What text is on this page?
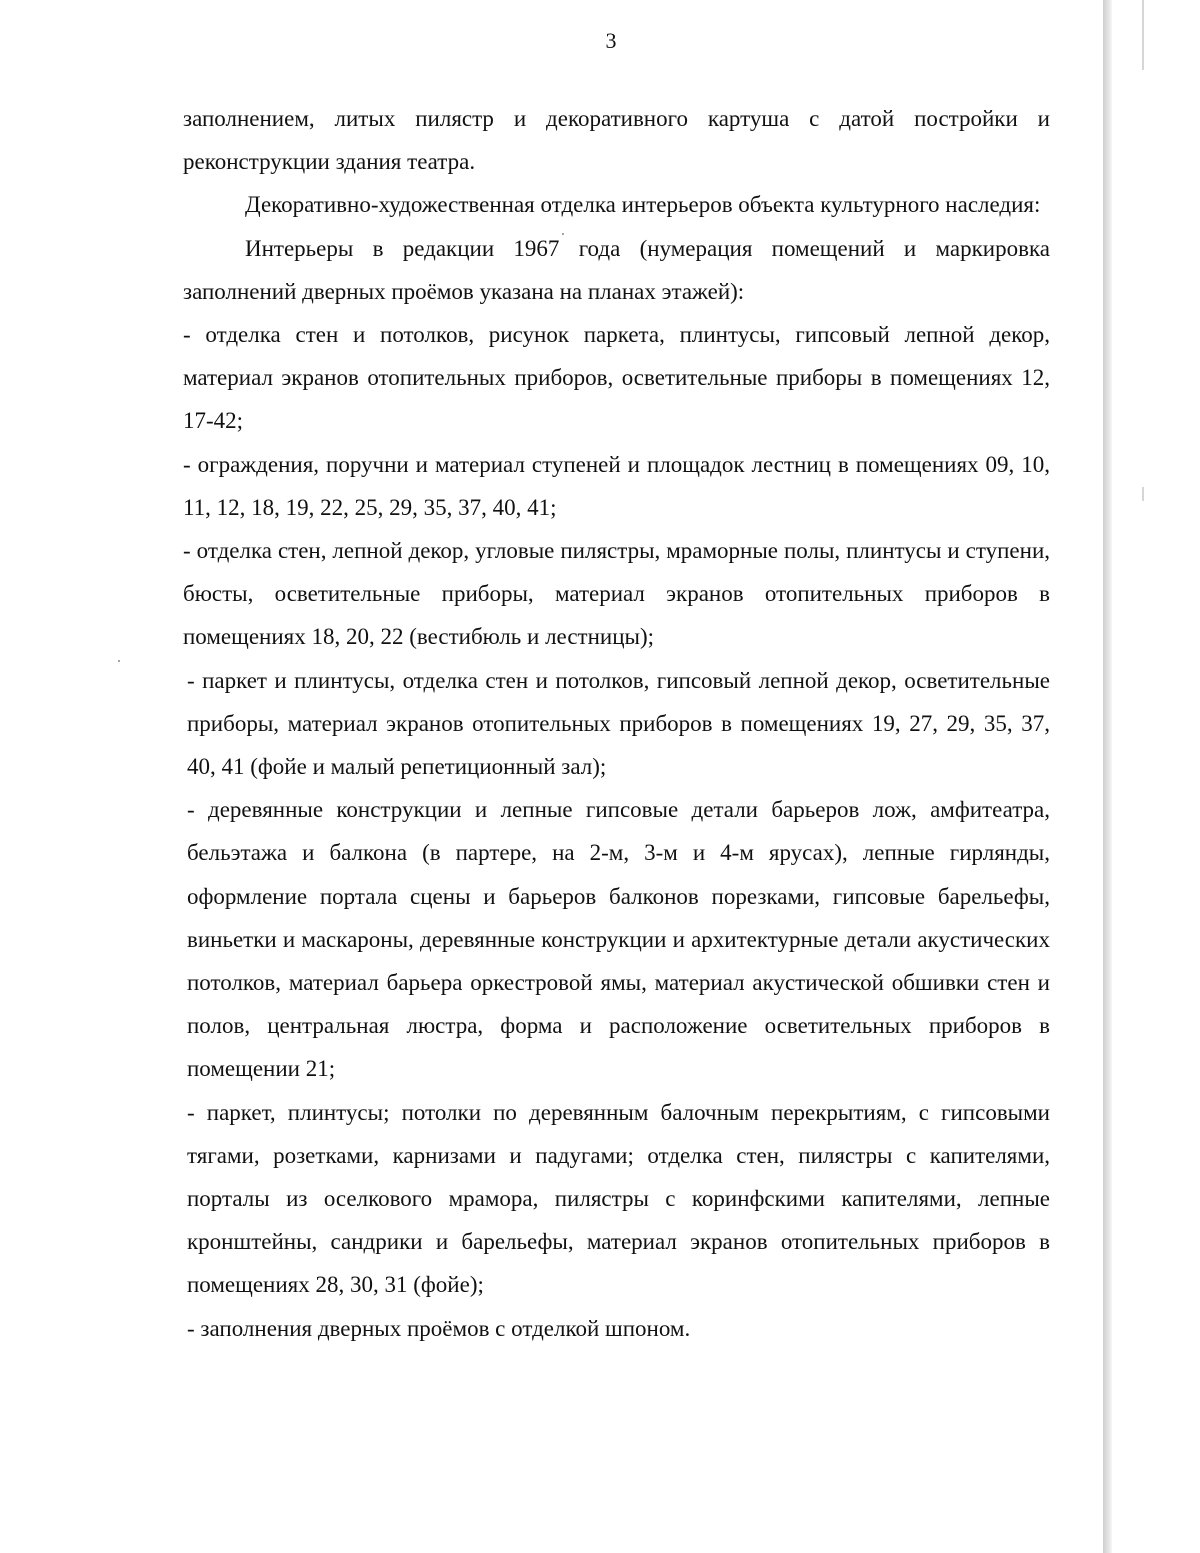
3

заполнением, литых пилястр и декоративного картуша с датой постройки и реконструкции здания театра.

Декоративно-художественная отделка интерьеров объекта культурного наследия:

Интерьеры в редакции 1967 года (нумерация помещений и маркировка заполнений дверных проёмов указана на планах этажей):

- отделка стен и потолков, рисунок паркета, плинтусы, гипсовый лепной декор, материал экранов отопительных приборов, осветительные приборы в помещениях 12, 17-42;

- ограждения, поручни и материал ступеней и площадок лестниц в помещениях 09, 10, 11, 12, 18, 19, 22, 25, 29, 35, 37, 40, 41;

- отделка стен, лепной декор, угловые пилястры, мраморные полы, плинтусы и ступени, бюсты, осветительные приборы, материал экранов отопительных приборов в помещениях 18, 20, 22 (вестибюль и лестницы);

- паркет и плинтусы, отделка стен и потолков, гипсовый лепной декор, осветительные приборы, материал экранов отопительных приборов в помещениях 19, 27, 29, 35, 37, 40, 41 (фойе и малый репетиционный зал);

- деревянные конструкции и лепные гипсовые детали барьеров лож, амфитеатра, бельэтажа и балкона (в партере, на 2-м, 3-м и 4-м ярусах), лепные гирлянды, оформление портала сцены и барьеров балконов порезками, гипсовые барельефы, виньетки и маскароны, деревянные конструкции и архитектурные детали акустических потолков, материал барьера оркестровой ямы, материал акустической обшивки стен и полов, центральная люстра, форма и расположение осветительных приборов в помещении 21;

- паркет, плинтусы; потолки по деревянным балочным перекрытиям, с гипсовыми тягами, розетками, карнизами и падугами; отделка стен, пилястры с капителями, порталы из оселкового мрамора, пилястры с коринфскими капителями, лепные кронштейны, сандрики и барельефы, материал экранов отопительных приборов в помещениях 28, 30, 31 (фойе);

- заполнения дверных проёмов с отделкой шпоном.
